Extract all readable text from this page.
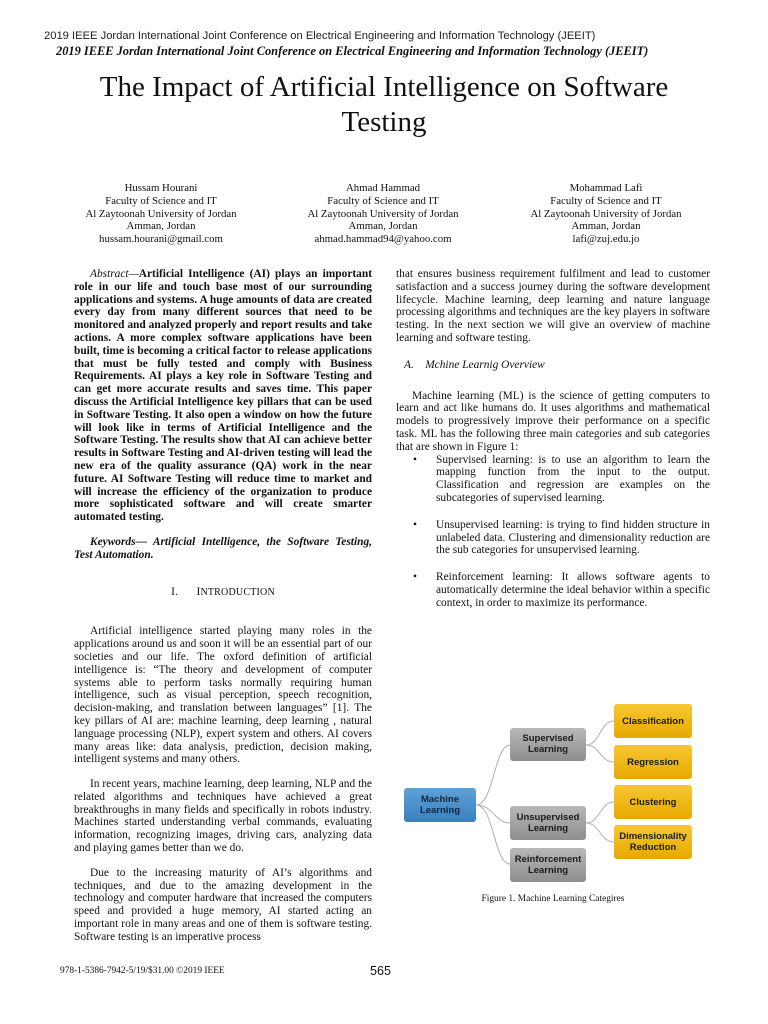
2019 IEEE Jordan International Joint Conference on Electrical Engineering and Information Technology (JEEIT)
2019 IEEE Jordan International Joint Conference on Electrical Engineering and Information Technology (JEEIT)
The Impact of Artificial Intelligence on Software
Testing
Hussam Hourani
Faculty of Science and IT
Al Zaytoonah University of Jordan
Amman, Jordan
hussam.hourani@gmail.com
Ahmad Hammad
Faculty of Science and IT
Al Zaytoonah University of Jordan
Amman, Jordan
ahmad.hammad94@yahoo.com
Mohammad Lafi
Faculty of Science and IT
Al Zaytoonah University of Jordan
Amman, Jordan
lafi@zuj.edu.jo

Abstract—Artificial Intelligence (AI) plays an important role in our life and touch base most of our surrounding applications and systems. A huge amounts of data are created every day from many different sources that need to be monitored and analyzed properly and report results and take actions. A more complex software applications have been built, time is becoming a critical factor to release applications that must be fully tested and comply with Business Requirements. AI plays a key role in Software Testing and can get more accurate results and saves time. This paper discuss the Artificial Intelligence key pillars that can be used in Software Testing. It also open a window on how the future will look like in terms of Artificial Intelligence and the Software Testing. The results show that AI can achieve better results in Software Testing and AI-driven testing will lead the new era of the quality assurance (QA) work in the near future. AI Software Testing will reduce time to market and will increase the efficiency of the organization to produce more sophisticated software and will create smarter automated testing.

Keywords— Artificial Intelligence, the Software Testing, Test Automation.

I. INTRODUCTION

Artificial intelligence started playing many roles in the applications around us and soon it will be an essential part of our societies and our life. The oxford definition of artificial intelligence is: “The theory and development of computer systems able to perform tasks normally requiring human intelligence, such as visual perception, speech recognition, decision-making, and translation between languages” [1]. The key pillars of AI are: machine learning, deep learning , natural language processing (NLP), expert system and others. AI covers many areas like: data analysis, prediction, decision making, intelligent systems and many others.

In recent years, machine learning, deep learning, NLP and the related algorithms and techniques have achieved a great breakthroughs in many fields and specifically in robots industry. Machines started understanding verbal commands, evaluating information, recognizing images, driving cars, analyzing data and playing games better than we do.

Due to the increasing maturity of AI’s algorithms and techniques, and due to the amazing development in the technology and computer hardware that increased the computers speed and provided a huge memory, AI started acting an important role in many areas and one of them is software testing. Software testing is an imperative process

that ensures business requirement fulfilment and lead to customer satisfaction and a success journey during the software development lifecycle. Machine learning, deep learning and nature language processing algorithms and techniques are the key players in software testing. In the next section we will give an overview of machine learning and software testing.

A.    Mchine Learnig Overview

Machine learning (ML) is the science of getting computers to learn and act like humans do. It uses algorithms and mathematical models to progressively improve their performance on a specific task. ML has the following three main categories and sub categories that are shown in Figure 1:

• Supervised learning: is to use an algorithm to learn the mapping function from the input to the output. Classification and regression are examples on the subcategories of supervised learning.
• Unsupervised learning: is trying to find hidden structure in unlabeled data. Clustering and dimensionality reduction are the sub categories for unsupervised learning.
• Reinforcement learning: It allows software agents to automatically determine the ideal behavior within a specific context, in order to maximize its performance.
Machine
Learning
Supervised
Learning
Unsupervised
Learning
Reinforcement
Learning
Classification
Regression
Clustering
Dimensionality
Reduction
Figure 1. Machine Learning Categires
978-1-5386-7942-5/19/$31.00 ©2019 IEEE	565
